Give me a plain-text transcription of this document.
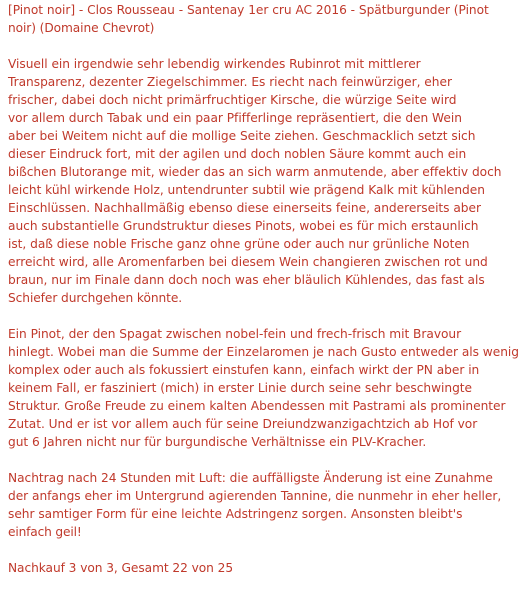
[Pinot noir] - Clos Rousseau - Santenay 1er cru AC 2016 - Spätburgunder (Pinot

noir) (Domaine Chevrot)

Visuell ein irgendwie sehr lebendig wirkendes Rubinrot mit mittlerer

Transparenz, dezenter Ziegelschimmer. Es riecht nach feinwürziger, eher

frischer, dabei doch nicht primärfruchtiger Kirsche, die würzige Seite wird

vor allem durch Tabak und ein paar Pfifferlinge repräsentiert, die den Wein

aber bei Weitem nicht auf die mollige Seite ziehen. Geschmacklich setzt sich

dieser Eindruck fort, mit der agilen und doch noblen Säure kommt auch ein

bißchen Blutorange mit, wieder das an sich warm anmutende, aber effektiv doch

leicht kühl wirkende Holz, untendrunter subtil wie prägend Kalk mit kühlenden

Einschlüssen. Nachhallmäßig ebenso diese einerseits feine, andererseits aber

auch substantielle Grundstruktur dieses Pinots, wobei es für mich erstaunlich

ist, daß diese noble Frische ganz ohne grüne oder auch nur grünliche Noten

erreicht wird, alle Aromenfarben bei diesem Wein changieren zwischen rot und

braun, nur im Finale dann doch noch was eher bläulich Kühlendes, das fast als

Schiefer durchgehen könnte.

Ein Pinot, der den Spagat zwischen nobel-fein und frech-frisch mit Bravour

hinlegt. Wobei man die Summe der Einzelaromen je nach Gusto entweder als wenig

komplex oder auch als fokussiert einstufen kann, einfach wirkt der PN aber in

keinem Fall, er fasziniert (mich) in erster Linie durch seine sehr beschwingte

Struktur. Große Freude zu einem kalten Abendessen mit Pastrami als prominenter

Zutat. Und er ist vor allem auch für seine Dreiundzwanzigachtzich ab Hof vor

gut 6 Jahren nicht nur für burgundische Verhältnisse ein PLV-Kracher.

Nachtrag nach 24 Stunden mit Luft: die auffälligste Änderung ist eine Zunahme

der anfangs eher im Untergrund agierenden Tannine, die nunmehr in eher heller,

sehr samtiger Form für eine leichte Adstringenz sorgen. Ansonsten bleibt's

einfach geil!

Nachkauf 3 von 3, Gesamt 22 von 25
